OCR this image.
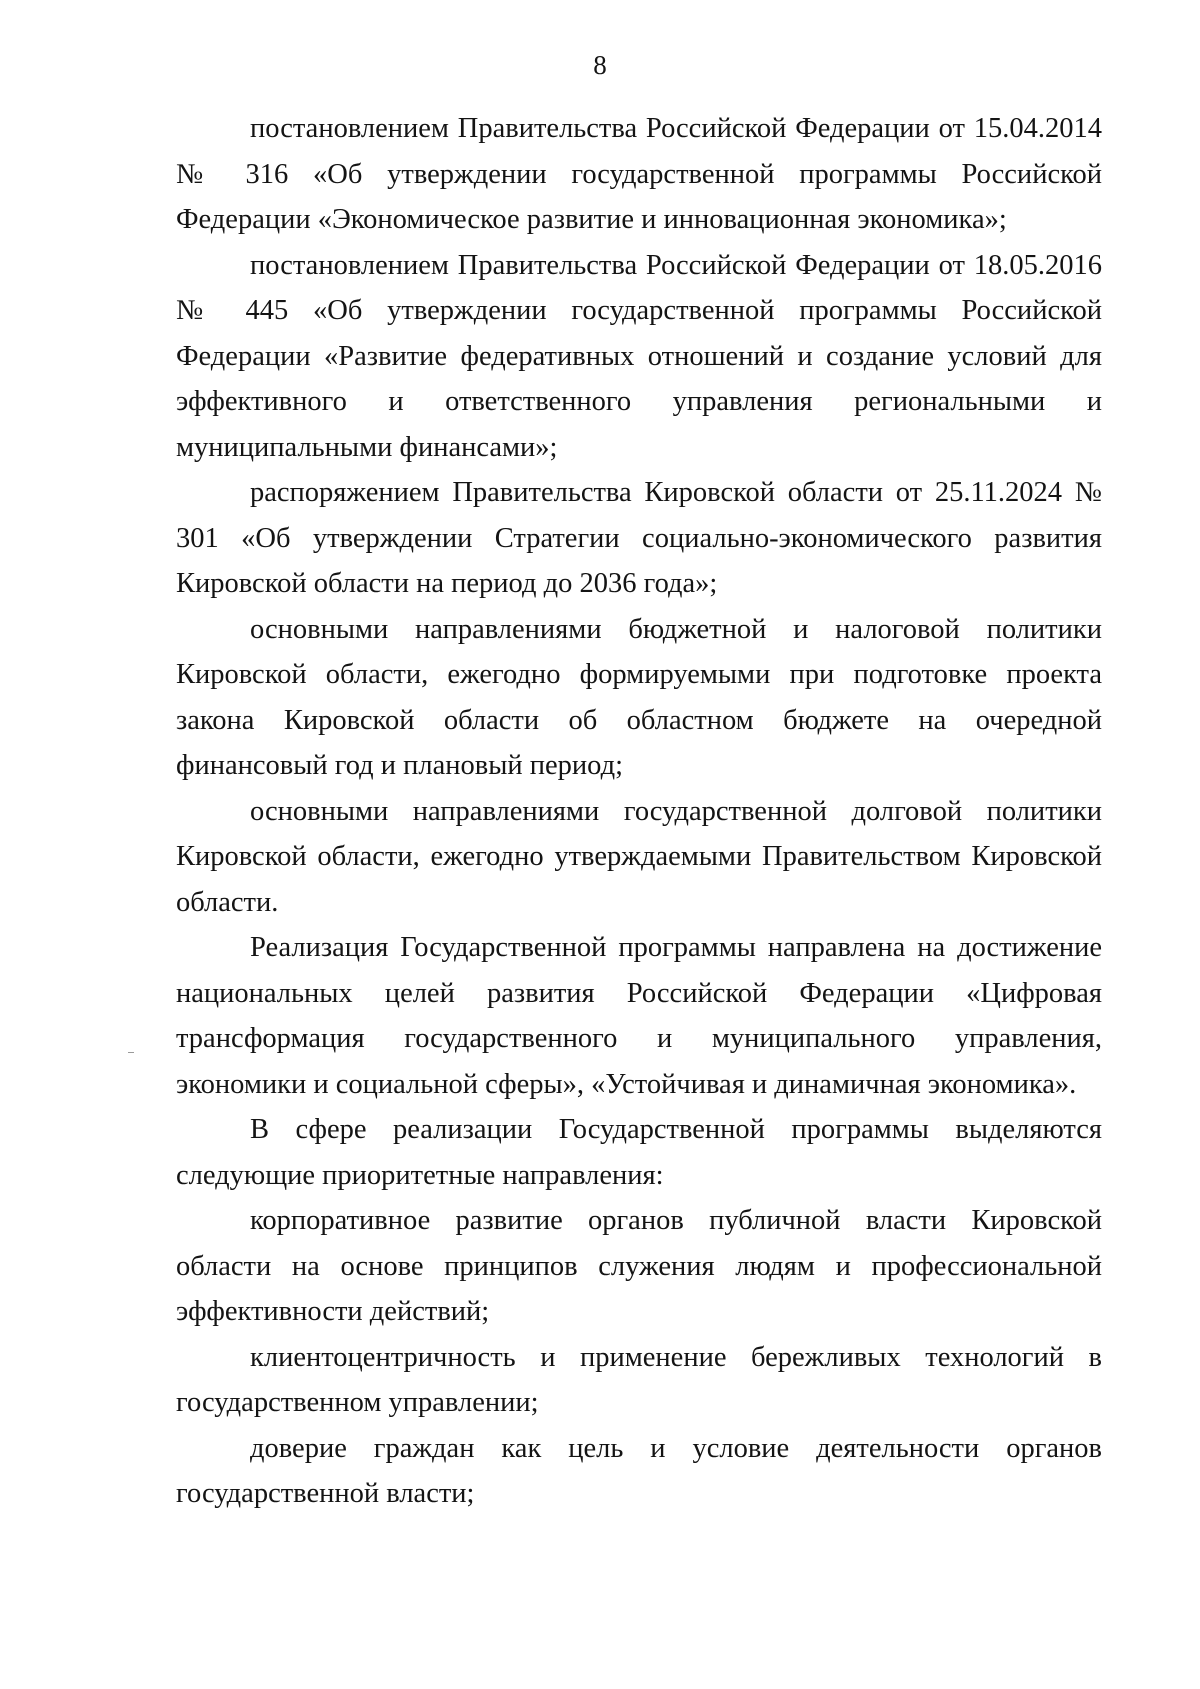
8

постановлением Правительства Российской Федерации от 15.04.2014 № 316 «Об утверждении государственной программы Российской Федерации «Экономическое развитие и инновационная экономика»;

постановлением Правительства Российской Федерации от 18.05.2016 № 445 «Об утверждении государственной программы Российской Федерации «Развитие федеративных отношений и создание условий для эффективного и ответственного управления региональными и муниципальными финансами»;

распоряжением Правительства Кировской области от 25.11.2024 № 301 «Об утверждении Стратегии социально-экономического развития Кировской области на период до 2036 года»;

основными направлениями бюджетной и налоговой политики Кировской области, ежегодно формируемыми при подготовке проекта закона Кировской области об областном бюджете на очередной финансовый год и плановый период;

основными направлениями государственной долговой политики Кировской области, ежегодно утверждаемыми Правительством Кировской области.

Реализация Государственной программы направлена на достижение национальных целей развития Российской Федерации «Цифровая трансформация государственного и муниципального управления, экономики и социальной сферы», «Устойчивая и динамичная экономика».

В сфере реализации Государственной программы выделяются следующие приоритетные направления:

корпоративное развитие органов публичной власти Кировской области на основе принципов служения людям и профессиональной эффективности действий;

клиентоцентричность и применение бережливых технологий в государственном управлении;

доверие граждан как цель и условие деятельности органов государственной власти;
